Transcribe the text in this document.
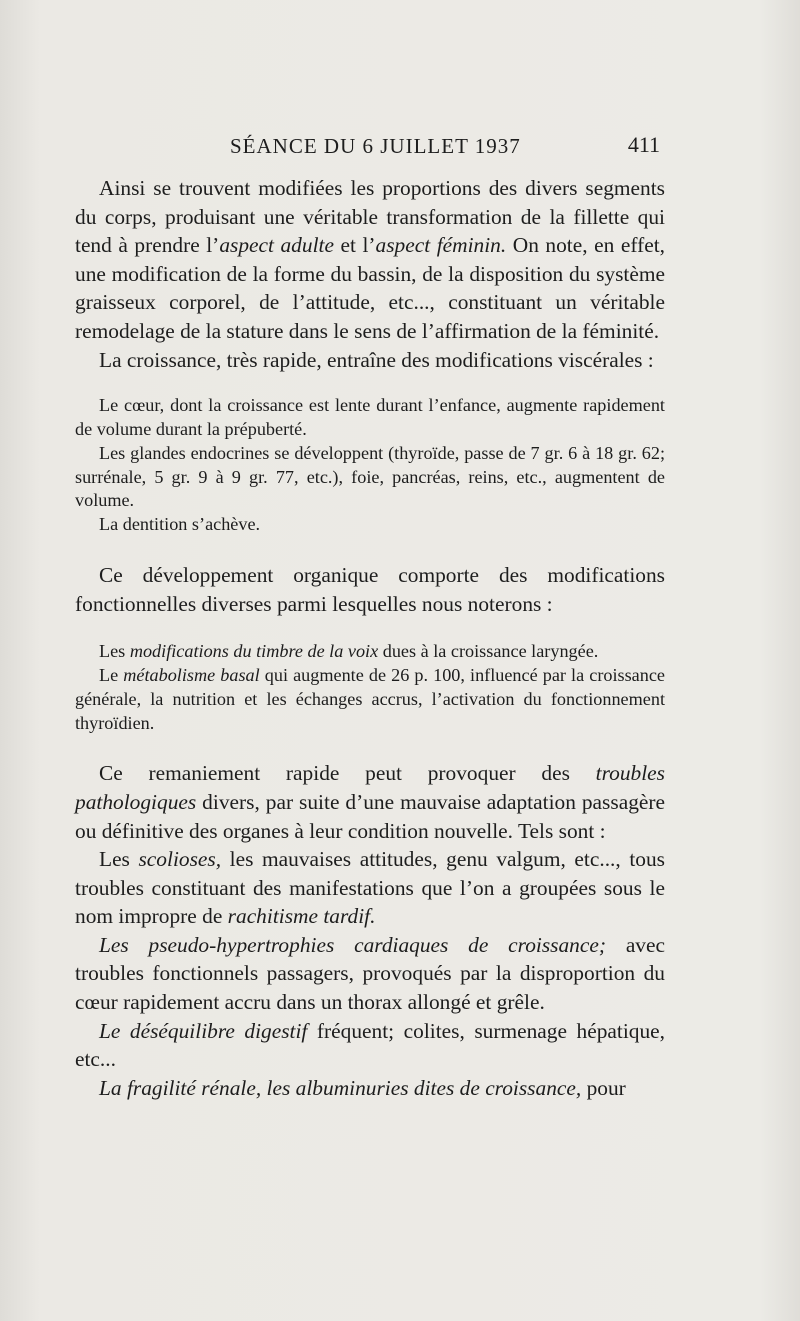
SÉANCE DU 6 JUILLET 1937	411

Ainsi se trouvent modifiées les proportions des divers segments du corps, produisant une véritable transformation de la fillette qui tend à prendre l’aspect adulte et l’aspect féminin. On note, en effet, une modification de la forme du bassin, de la disposition du système graisseux corporel, de l’attitude, etc..., constituant un véritable remodelage de la stature dans le sens de l’affirmation de la féminité.

La croissance, très rapide, entraîne des modifications viscérales :

Le cœur, dont la croissance est lente durant l’enfance, augmente rapidement de volume durant la prépuberté.

Les glandes endocrines se développent (thyroïde, passe de 7 gr. 6 à 18 gr. 62; surrénale, 5 gr. 9 à 9 gr. 77, etc.), foie, pancréas, reins, etc., augmentent de volume.

La dentition s’achève.

Ce développement organique comporte des modifications fonctionnelles diverses parmi lesquelles nous noterons :

Les modifications du timbre de la voix dues à la croissance laryngée.

Le métabolisme basal qui augmente de 26 p. 100, influencé par la croissance générale, la nutrition et les échanges accrus, l’activation du fonctionnement thyroïdien.

Ce remaniement rapide peut provoquer des troubles pathologiques divers, par suite d’une mauvaise adaptation passagère ou définitive des organes à leur condition nouvelle. Tels sont :

Les scolioses, les mauvaises attitudes, genu valgum, etc..., tous troubles constituant des manifestations que l’on a groupées sous le nom impropre de rachitisme tardif.

Les pseudo-hypertrophies cardiaques de croissance; avec troubles fonctionnels passagers, provoqués par la disproportion du cœur rapidement accru dans un thorax allongé et grêle.

Le déséquilibre digestif fréquent; colites, surmenage hépatique, etc...

La fragilité rénale, les albuminuries dites de croissance, pour
